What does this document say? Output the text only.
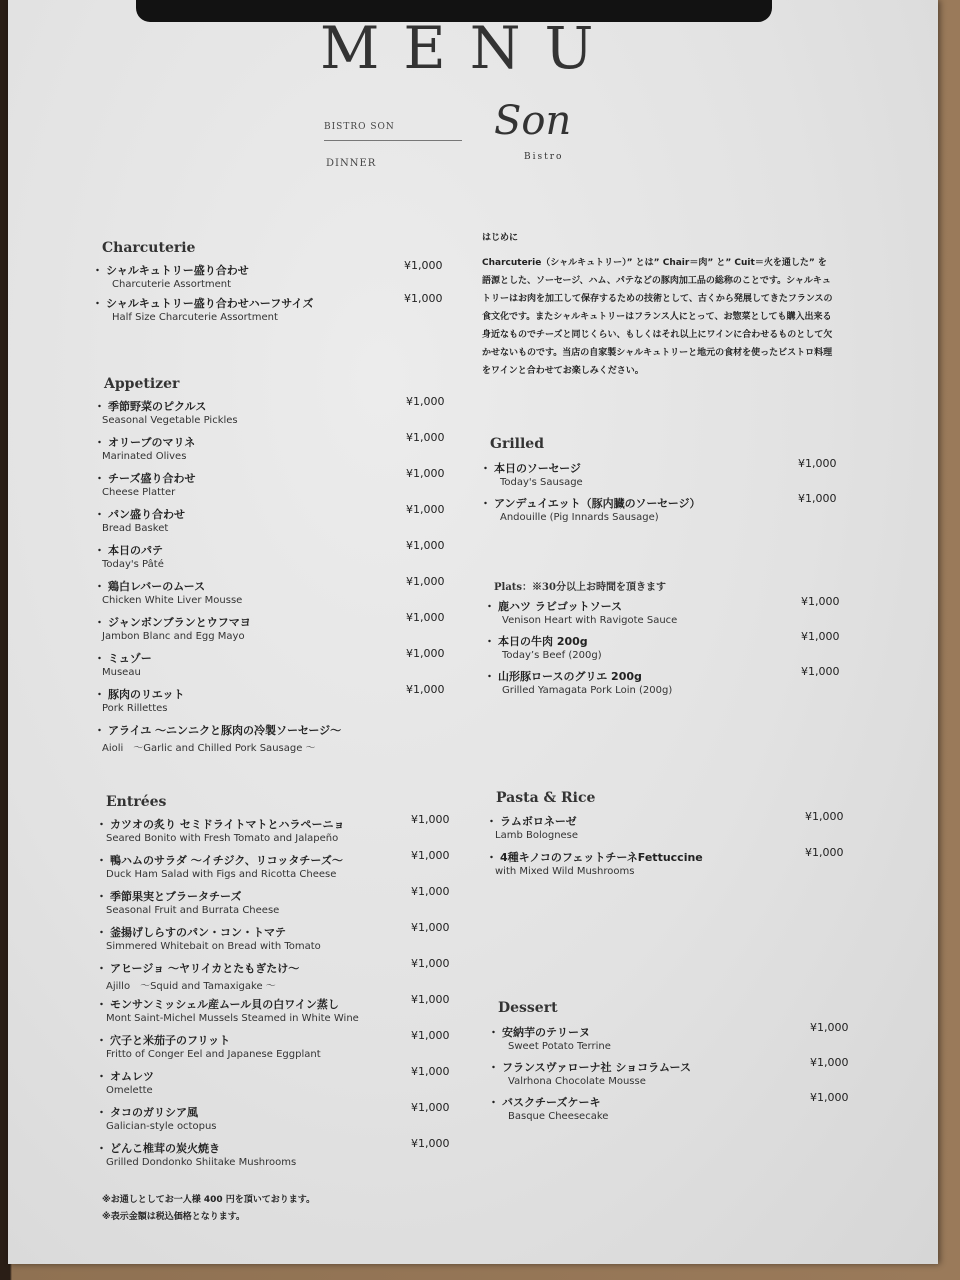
MENU
BISTRO SON
DINNER
Son
Bistro
Charcuterie
・ シャルキュトリー盛り合わせ
Charcuterie Assortment
¥1,000
・ シャルキュトリー盛り合わせハーフサイズ
Half Size Charcuterie Assortment
¥1,000
Appetizer
・ 季節野菜のピクルス
Seasonal Vegetable Pickles
¥1,000
・ オリーブのマリネ
Marinated Olives
¥1,000
・ チーズ盛り合わせ
Cheese Platter
¥1,000
・ パン盛り合わせ
Bread Basket
¥1,000
・ 本日のパテ
Today's Pâté
¥1,000
・ 鶏白レバーのムース
Chicken White Liver Mousse
¥1,000
・ ジャンボンブランとウフマヨ
Jambon Blanc and Egg Mayo
¥1,000
・ ミュゾー
Museau
¥1,000
・ 豚肉のリエット
Pork Rillettes
¥1,000
・ アライユ ～ニンニクと豚肉の冷製ソーセージ～
Aioli　～Garlic and Chilled Pork Sausage ～
Entrées
・ カツオの炙り セミドライトマトとハラペーニョ
Seared Bonito with Fresh Tomato and Jalapeño
¥1,000
・ 鴨ハムのサラダ ～イチジク、リコッタチーズ～
Duck Ham Salad with Figs and Ricotta Cheese
¥1,000
・ 季節果実とブラータチーズ
Seasonal Fruit and Burrata Cheese
¥1,000
・ 釜揚げしらすのパン・コン・トマテ
Simmered Whitebait on Bread with Tomato
¥1,000
・ アヒージョ ～ヤリイカとたもぎたけ～
Ajillo　～Squid and Tamaxigake ～
¥1,000
・ モンサンミッシェル産ムール貝の白ワイン蒸し
Mont Saint-Michel Mussels Steamed in White Wine
¥1,000
・ 穴子と米茄子のフリット
Fritto of Conger Eel and Japanese Eggplant
¥1,000
・ オムレツ
Omelette
¥1,000
・ タコのガリシア風
Galician-style octopus
¥1,000
・ どんこ椎茸の炭火焼き
Grilled Dondonko Shiitake Mushrooms
¥1,000
はじめに
Charcuterie（シャルキュトリー）” とは” Chair＝肉” と” Cuit＝火を通した” を語源とした、ソーセージ、ハム、パテなどの豚肉加工品の総称のことです。シャルキュトリーはお肉を加工して保存するための技術として、古くから発展してきたフランスの食文化です。またシャルキュトリーはフランス人にとって、お惣菜としても購入出来る身近なものでチーズと同じくらい、もしくはそれ以上にワインに合わせるものとして欠かせないものです。当店の自家製シャルキュトリーと地元の食材を使ったビストロ料理をワインと合わせてお楽しみください。
Grilled
・ 本日のソーセージ
Today's Sausage
¥1,000
・ アンデュイエット（豚内臓のソーセージ）
Andouille (Pig Innards Sausage)
¥1,000
Plats：※30分以上お時間を頂きます
・ 鹿ハツ ラビゴットソース
Venison Heart with Ravigote Sauce
¥1,000
・ 本日の牛肉 200g
Today’s Beef (200g)
¥1,000
・ 山形豚ロースのグリエ 200g
Grilled Yamagata Pork Loin (200g)
¥1,000
Pasta & Rice
・ ラムボロネーゼ
Lamb Bolognese
¥1,000
・ 4種キノコのフェットチーネFettuccine
with Mixed Wild Mushrooms
¥1,000
Dessert
・ 安納芋のテリーヌ
Sweet Potato Terrine
¥1,000
・ フランスヴァローナ社 ショコラムース
Valrhona Chocolate Mousse
¥1,000
・ バスクチーズケーキ
Basque Cheesecake
¥1,000
※お通しとしてお一人様 400 円を頂いております。
※表示金額は税込価格となります。
